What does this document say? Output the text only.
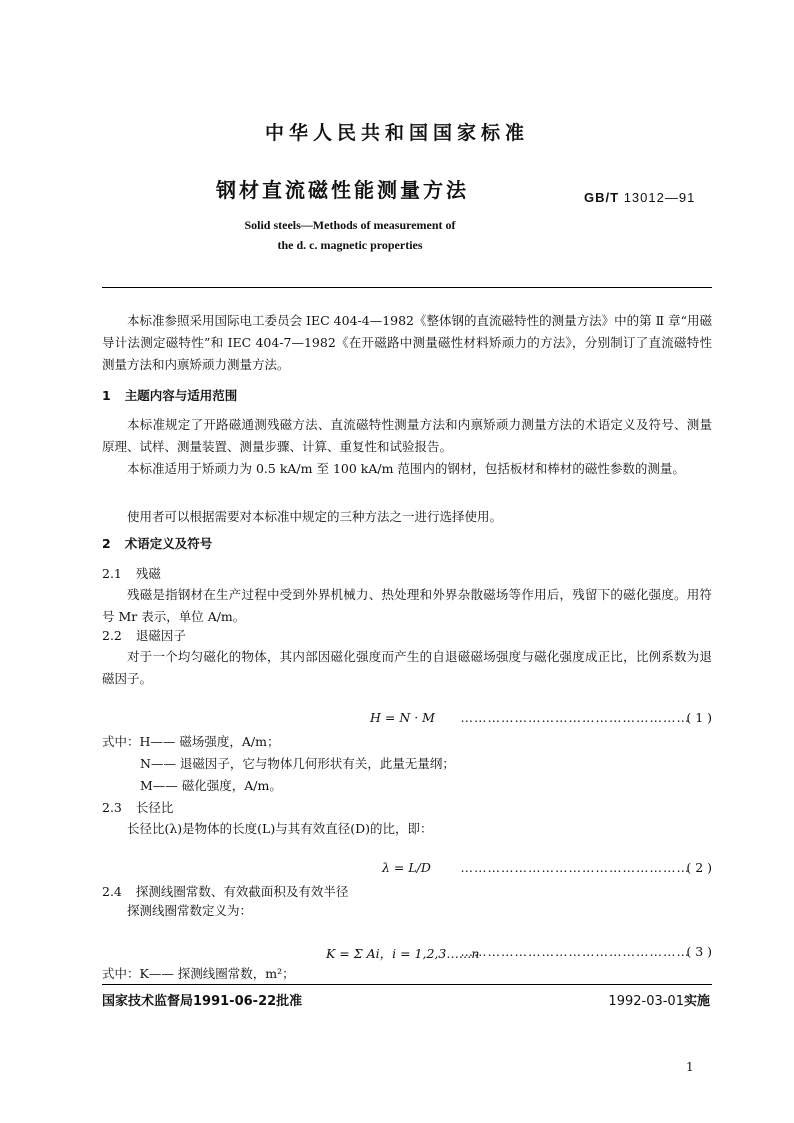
中华人民共和国国家标准
钢材直流磁性能测量方法	GB/T 13012—91
Solid steels—Methods of measurement of
the d. c. magnetic properties
本标准参照采用国际电工委员会 IEC 404-4—1982《整体钢的直流磁特性的测量方法》中的第 Ⅱ 章“用磁导计法测定磁特性”和 IEC 404-7—1982《在开磁路中测量磁性材料矫顽力的方法》，分别制订了直流磁特性测量方法和内禀矫顽力测量方法。
1 主题内容与适用范围
本标准规定了开路磁通测残磁方法、直流磁特性测量方法和内禀矫顽力测量方法的术语定义及符号、测量原理、试样、测量装置、测量步骤、计算、重复性和试验报告。
本标准适用于矫顽力为 0.5 kA/m 至 100 kA/m 范围内的钢材，包括板材和棒材的磁性参数的测量。
使用者可以根据需要对本标准中规定的三种方法之一进行选择使用。
2 术语定义及符号
2.1 残磁
残磁是指钢材在生产过程中受到外界机械力、热处理和外界杂散磁场等作用后，残留下的磁化强度。用符号 Mr 表示，单位 A/m。
2.2 退磁因子
对于一个均匀磁化的物体，其内部因磁化强度而产生的自退磁磁场强度与磁化强度成正比，比例系数为退磁因子。
H = N · M ……………………………………………
( 1 )
式中：H—— 磁场强度，A/m；
N—— 退磁因子，它与物体几何形状有关，此量无量纲；
M—— 磁化强度，A/m。
2.3 长径比
长径比(λ)是物体的长度(L)与其有效直径(D)的比，即：
λ = L/D ……………………………………………
( 2 )
2.4 探测线圈常数、有效截面积及有效半径
探测线圈常数定义为：
K = Σ Ai，i = 1,2,3……n
……………………………………………
( 3 )
式中：K—— 探测线圈常数，m²；
国家技术监督局1991-06-22批准	1992-03-01实施
1
